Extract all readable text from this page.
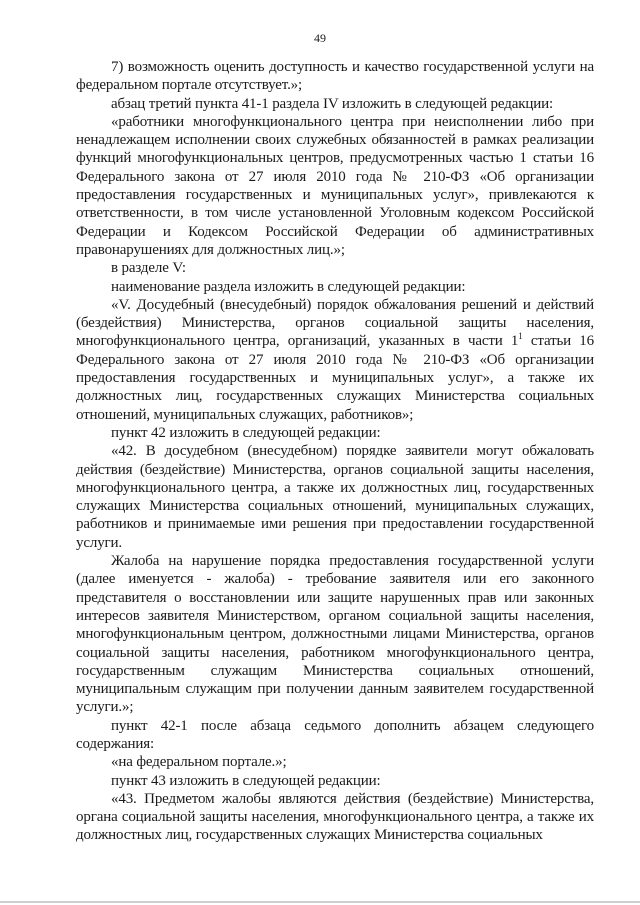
49

7) возможность оценить доступность и качество государственной услуги на федеральном портале отсутствует.»;

абзац третий пункта 41-1 раздела IV изложить в следующей редакции:

«работники многофункционального центра при неисполнении либо при ненадлежащем исполнении своих служебных обязанностей в рамках реализации функций многофункциональных центров, предусмотренных частью 1 статьи 16 Федерального закона от 27 июля 2010 года № 210-ФЗ «Об организации предоставления государственных и муниципальных услуг», привлекаются к ответственности, в том числе установленной Уголовным кодексом Российской Федерации и Кодексом Российской Федерации об административных правонарушениях для должностных лиц.»;

в разделе V:

наименование раздела изложить в следующей редакции:

«V. Досудебный (внесудебный) порядок обжалования решений и действий (бездействия) Министерства, органов социальной защиты населения, многофункционального центра, организаций, указанных в части $1^1$ статьи 16 Федерального закона от 27 июля 2010 года № 210-ФЗ «Об организации предоставления государственных и муниципальных услуг», а также их должностных лиц, государственных служащих Министерства социальных отношений, муниципальных служащих, работников»;

пункт 42 изложить в следующей редакции:

«42. В досудебном (внесудебном) порядке заявители могут обжаловать действия (бездействие) Министерства, органов социальной защиты населения, многофункционального центра, а также их должностных лиц, государственных служащих Министерства социальных отношений, муниципальных служащих, работников и принимаемые ими решения при предоставлении государственной услуги.

Жалоба на нарушение порядка предоставления государственной услуги (далее именуется - жалоба) - требование заявителя или его законного представителя о восстановлении или защите нарушенных прав или законных интересов заявителя Министерством, органом социальной защиты населения, многофункциональным центром, должностными лицами Министерства, органов социальной защиты населения, работником многофункционального центра, государственным служащим Министерства социальных отношений, муниципальным служащим при получении данным заявителем государственной услуги.»;

пункт 42-1 после абзаца седьмого дополнить абзацем следующего содержания:

«на федеральном портале.»;

пункт 43 изложить в следующей редакции:

«43. Предметом жалобы являются действия (бездействие) Министерства, органа социальной защиты населения, многофункционального центра, а также их должностных лиц, государственных служащих Министерства социальных
